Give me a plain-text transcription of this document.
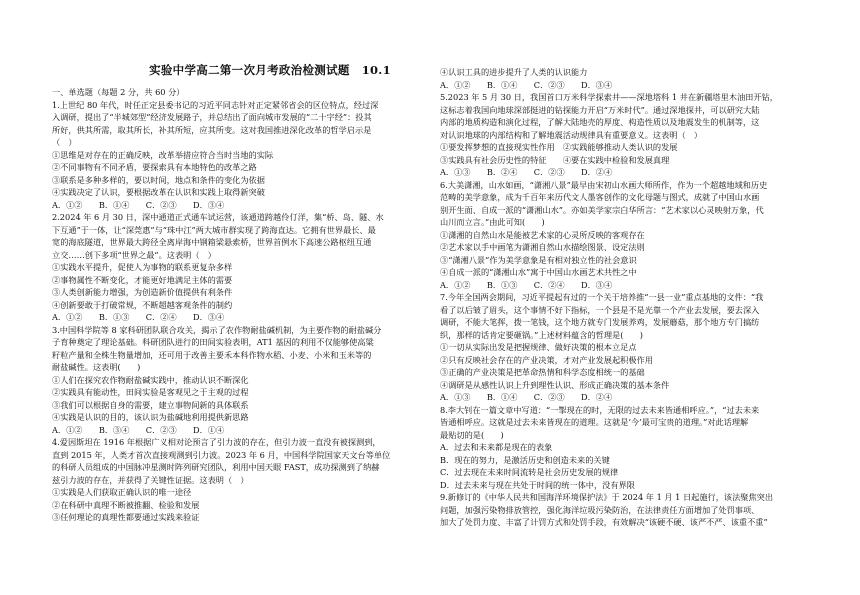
实验中学高二第一次月考政治检测试题 10.1
一、单选题（每题 2 分，共 60 分）
1.上世纪 80 年代，时任正定县委书记的习近平同志针对正定紧邻省会的区位特点，经过深
入调研，提出了“半城郊型”经济发展路子，并总结出了面向城市发展的“二十字经”：投其
所好，供其所需，取其所长，补其所短，应其所变。这对我国推进深化改革的哲学启示是
（　）
①思维是对存在的正确反映，改革举措应符合当时当地的实际
②不同事物有不同矛盾，要探索具有本地特色的改革之路
③联系是多种多样的，要以时间，地点和条件的变化为依据
④实践决定了认识，要根据改革在认识和实践上取得新突破
A．①②　　B．①④　　C．②③　　D．③④
2.2024 年 6 月 30 日，深中通道正式通车试运营，该通道跨越伶仃洋，集“桥、岛、隧、水
下互通”于一体，让“深莞惠”与“珠中江”两大城市群实现了跨海直达。它拥有世界最长、最
宽的海底隧道，世界最大跨径全离岸海中钢箱梁悬索桥，世界首例水下高速公路枢纽互通
立交……创下多项“世界之最”。这表明（　）
①实践水平提升，促使人为事物的联系更复杂多样
②事物属性不断变化，才能更好地满足主体的需要
③人类创新能力增强，为创造新价值提供有利条件
④创新要敢于打破常规，不断超越客观条件的制约
A．①②　　B．①③　　C．②④　　D．③④
3.中国科学院等 8 家科研团队联合攻关，揭示了农作物耐盐碱机制，为主要作物的耐盐碱分
子育种奠定了理论基础。科研团队进行的田间实验表明，AT1 基因的利用不仅能够使高粱
籽粒产量和全株生物量增加，还可用于改善主要禾本科作物水稻、小麦、小米和玉米等的
耐盐碱性。这表明(　　)
①人们在探究农作物耐盐碱实践中，推动认识不断深化
②实践具有能动性，田间实验是客观见之于主观的过程
③我们可以根据自身的需要，建立事物间新的具体联系
④实践是认识的目的，该认识为盐碱地利用提供新思路
A．①②　　B．③④　　C．②③　　D．①④
4.爱因斯坦在 1916 年根据广义相对论预言了引力波的存在，但引力波一直没有被探测到，
直到 2015 年，人类才首次直接观测到引力波。2023 年 6 月，中国科学院国家天文台等单位
的科研人员组成的中国脉冲星测时阵列研究团队，利用中国天眼 FAST，成功探测到了纳赫
兹引力波的存在，并获得了关键性证据。这表明（　）
①实践是人们获取正确认识的唯一途径
②在科研中真理不断被推翻、检验和发展
③任何理论的真理性都要通过实践来验证
④认识工具的进步提升了人类的认识能力
A．①②　　B．①④　　C．②③　　D．③④
5.2023 年 5 月 30 日，我国首口万米科学探索井——深地塔科 1 井在新疆塔里木油田开钻，
这标志着我国向地球深部挺进的钻探能力开启“万米时代”。通过深地探井，可以研究大陆
内部的地质构造和演化过程，了解大陆地壳的厚度、构造性质以及地震发生的机制等，这
对认识地球的内部结构和了解地震活动规律具有重要意义。这表明（　）
①要发挥梦想的直接现实性作用　②实践能够推动人类认识的发展
③实践具有社会历史性的特征　　④要在实践中检验和发展真理
A．①③　　B．②④　　C．②③　　D．②④
6.大美潇湘，山水如画，“潇湘八景”最早由宋初山水画大师所作，作为一个超越地域和历史
范畴的美学意象，成为千百年来历代文人墨客创作的文化母题与图式，成就了中国山水画
别开生面、自成一派的“潇湘山水”。亦如美学家宗白华所言：“艺术家以心灵映射万象，代
山川而立言。”由此可知(　　)
①潇湘的自然山水是能被艺术家的心灵所反映的客观存在
②艺术家以手中画笔为潇湘自然山水描绘图景、设定法则
③“潇湘八景”作为美学意象是有相对独立性的社会意识
④自成一派的“潇湘山水”寓于中国山水画艺术共性之中
A．①②　　B．①③　　C．②④　　D．③④
7.今年全国两会期间，习近平提起有过的一个关于培养推“一县一业”重点基地的文件：“我
看了以后皱了眉头，这个事情不好下指标，一个县是不是光靠一个产业去发展，要去深入
调研，不能大笔挥，拨一笔钱，这个地方就专门发展养鸡，发展蘑菇，那个地方专门搞纺
织，那样的话肯定要砸锅。”上述材料蕴含的哲理是(　　)
①一切从实际出发是把握规律、做好决策的根本立足点
②只有反映社会存在的产业决策，才对产业发展起积极作用
③正确的产业决策是把革命热情和科学态度相统一的基础
④调研是从感性认识上升到理性认识、形成正确决策的基本条件
A．①③　　B．①④　　C．②③　　D．②④
8.李大钊在一篇文章中写道：“一掣现在的时，无限的过去未来皆通相呼应。”，“过去未来
皆通相呼应。这就是过去未来皆现在的道理。这就是‘今’最可宝贵的道理。”对此话理解
最贴切的是(　　)
A．过去和未来都是现在的表象
B．现在的努力，是激活历史和创造未来的关键
C．过去现在未来时间流转是社会历史发展的规律
D．过去未来与现在共处于时间的统一体中，没有界限
9.新修订的《中华人民共和国海洋环境保护法》于 2024 年 1 月 1 日起施行，该法聚焦突出
问题，加强污染物排放管控，强化海洋垃圾污染防治，在法律责任方面增加了处罚事项、
加大了处罚力度、丰富了计罚方式和处罚手段，有效解决“该硬不硬、该严不严、该重不重”
